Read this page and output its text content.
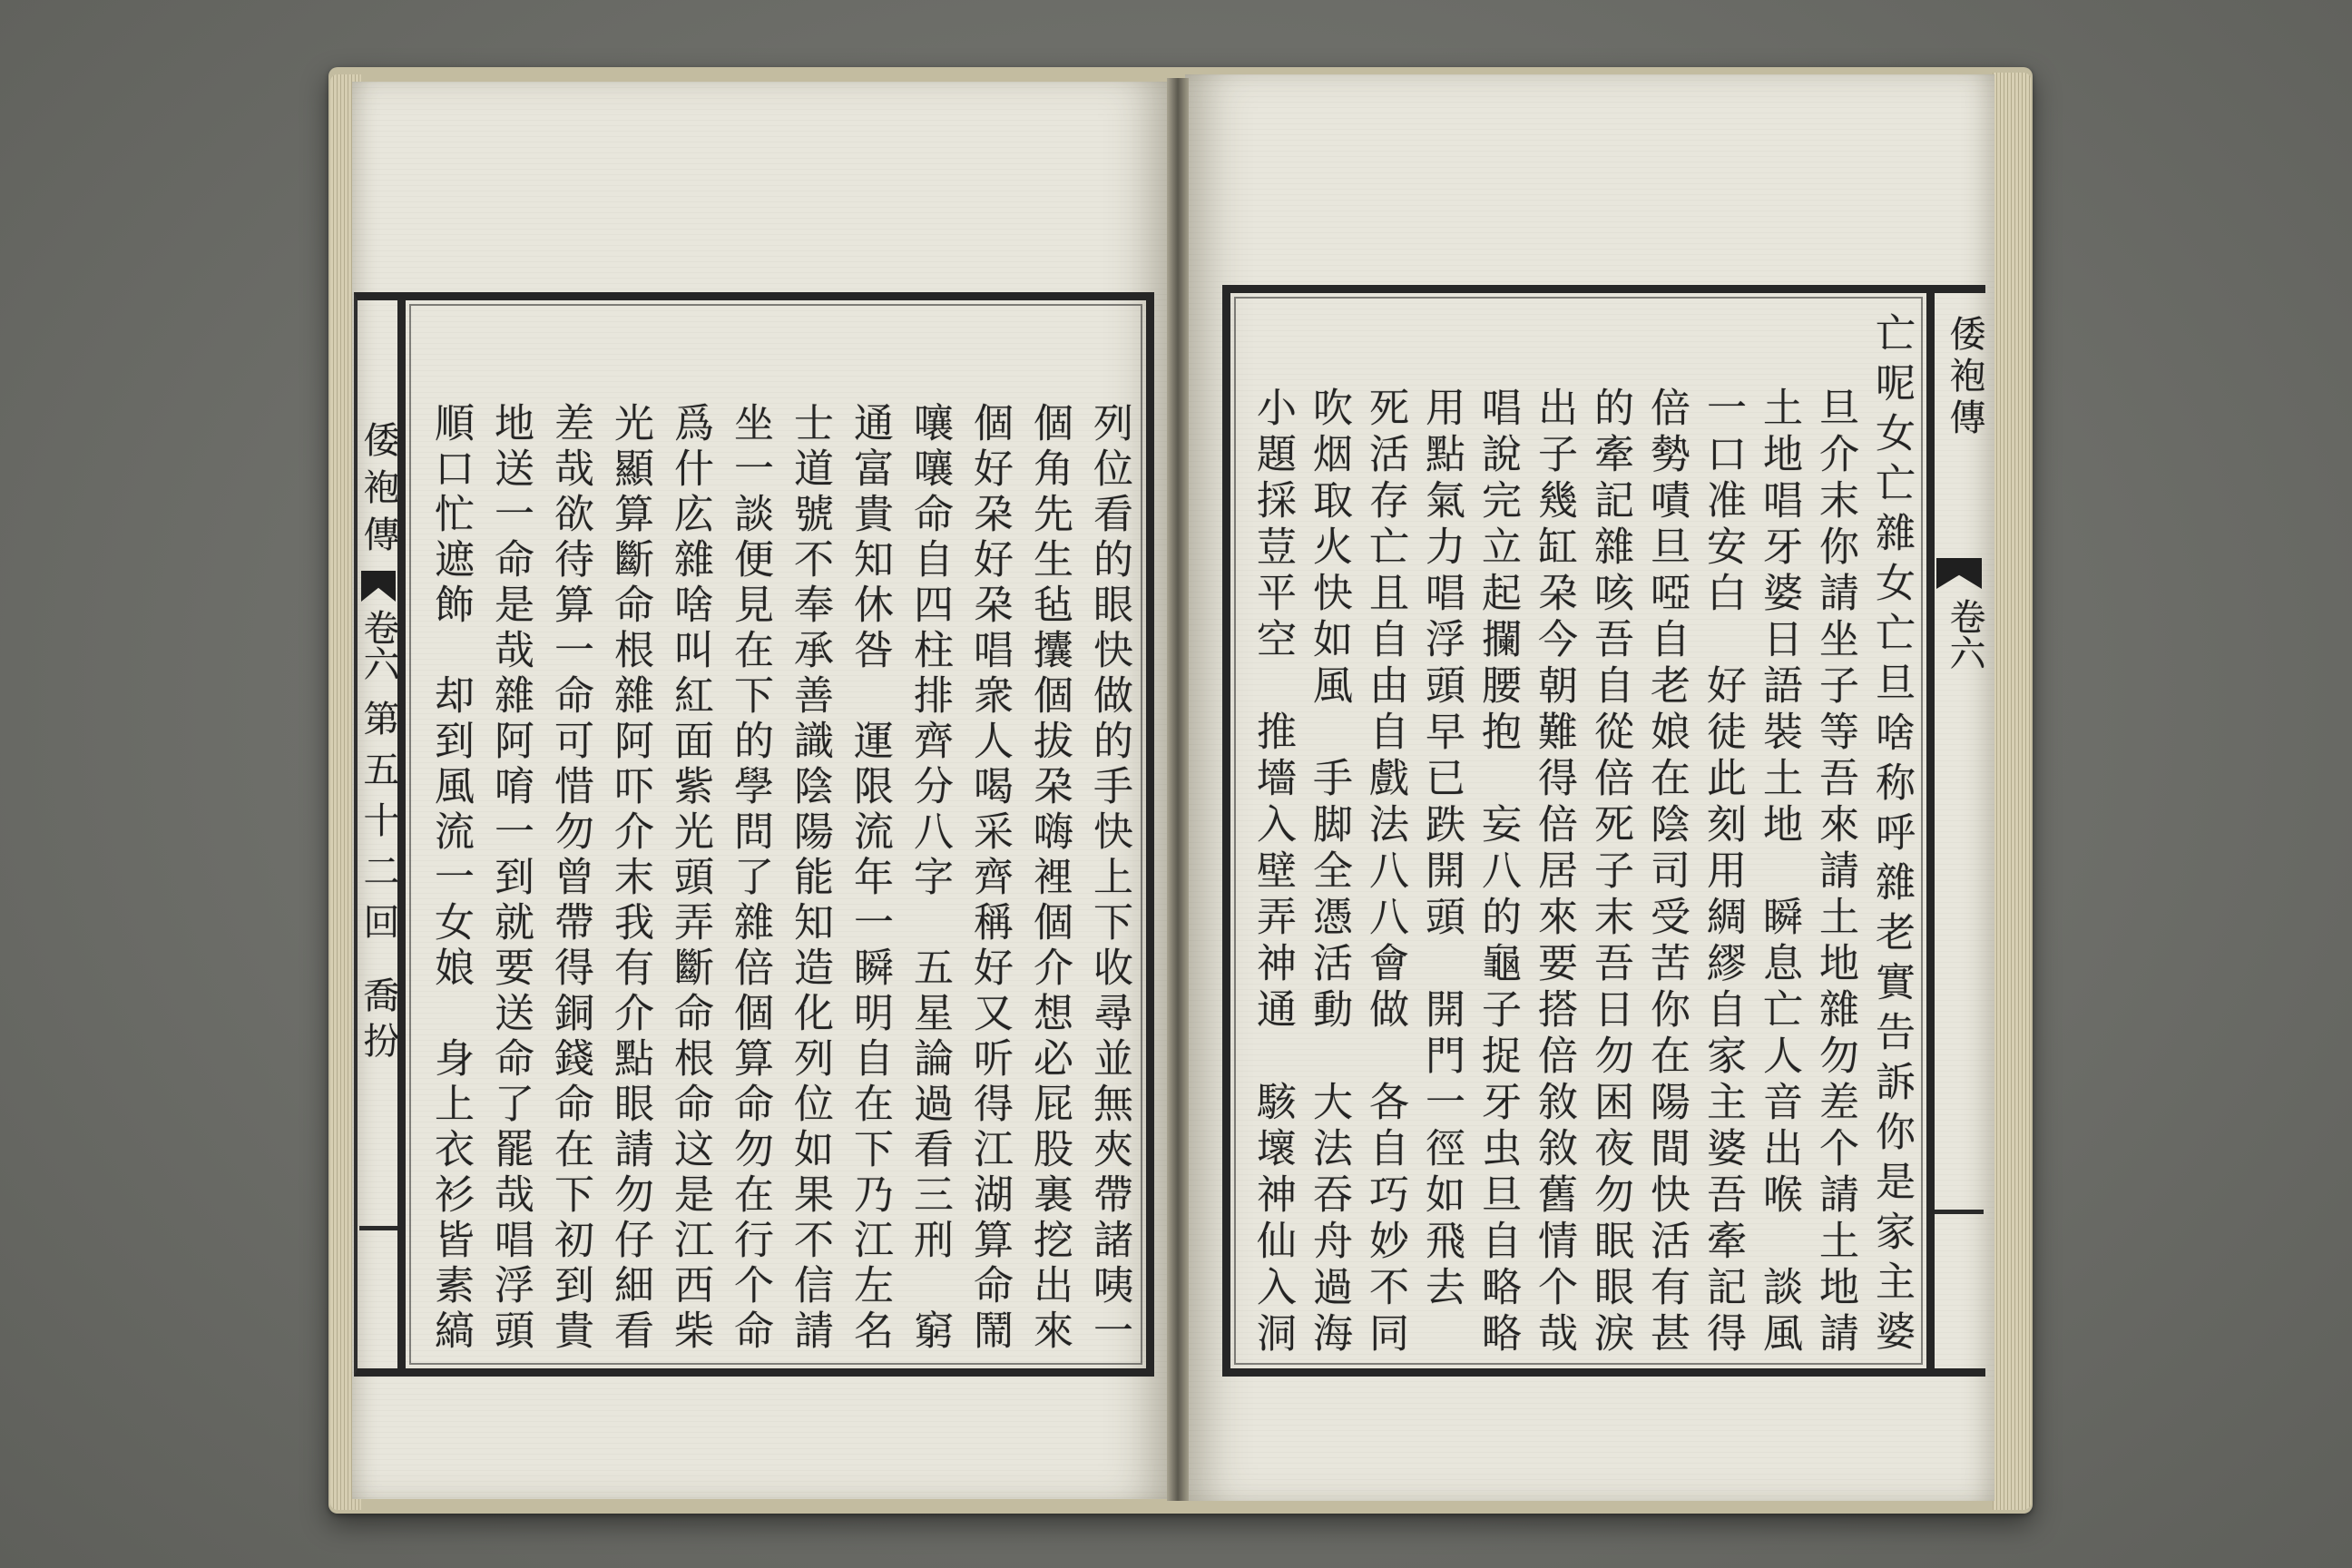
倭袍傳
卷六
第五十二回
喬扮	列位看的眼快做的手快上下收尋並無夾帶諸咦一
個角先生毡攮個拔朶嗨裡個介想必屁股裏挖出來
個好朶好朶唱衆人喝采齊稱好又听得江湖算命鬧
嚷嚷命自四柱排齊分八字　五星論過看三刑　窮
通富貴知休咎　運限流年一瞬明自在下乃江左名
士道號不奉承善識陰陽能知造化列位如果不信請
坐一談便見在下的學問了雜倍個算命勿在行个命
爲什庅雜啥叫紅面紫光頭弄斷命根命这是江西柴
光顯算斷命根雜阿吓介末我有介點眼請勿仔細看
差哉欲待算一命可惜勿曾帶得銅錢命在下初到貴
地送一命是哉雜阿唷一到就要送命了罷哉唱浮頭
順口忙遮飾　却到風流一女娘　身上衣衫皆素縞	亡呢女亡雜女亡旦啥称呼雜老實告訴你是家主婆
旦介末你請坐子等吾來請土地雜勿差个請土地請
土地唱牙婆日語裝土地　瞬息亡人音出喉　談風
一口准安白　好徒此刻用綢繆自家主婆吾牽記得
倍勢嘖旦啞自老娘在陰司受苦你在陽間快活有甚
的牽記雜咳吾自從倍死子末吾日勿困夜勿眠眼淚
出子幾缸朶今朝難得倍居來要搭倍敘敘舊情个哉
唱說完立起攔腰抱　妄八的龜子捉牙虫旦自略略
用點氣力唱浮頭早已跌開頭　開門一徑如飛去
死活存亡且自由自戲法八八會做　各自巧妙不同
吹烟取火快如風　手脚全憑活動　大法吞舟過海
小題採荳平空　推墻入壁弄神通　駭壞神仙入洞
倭袍傳
卷六
